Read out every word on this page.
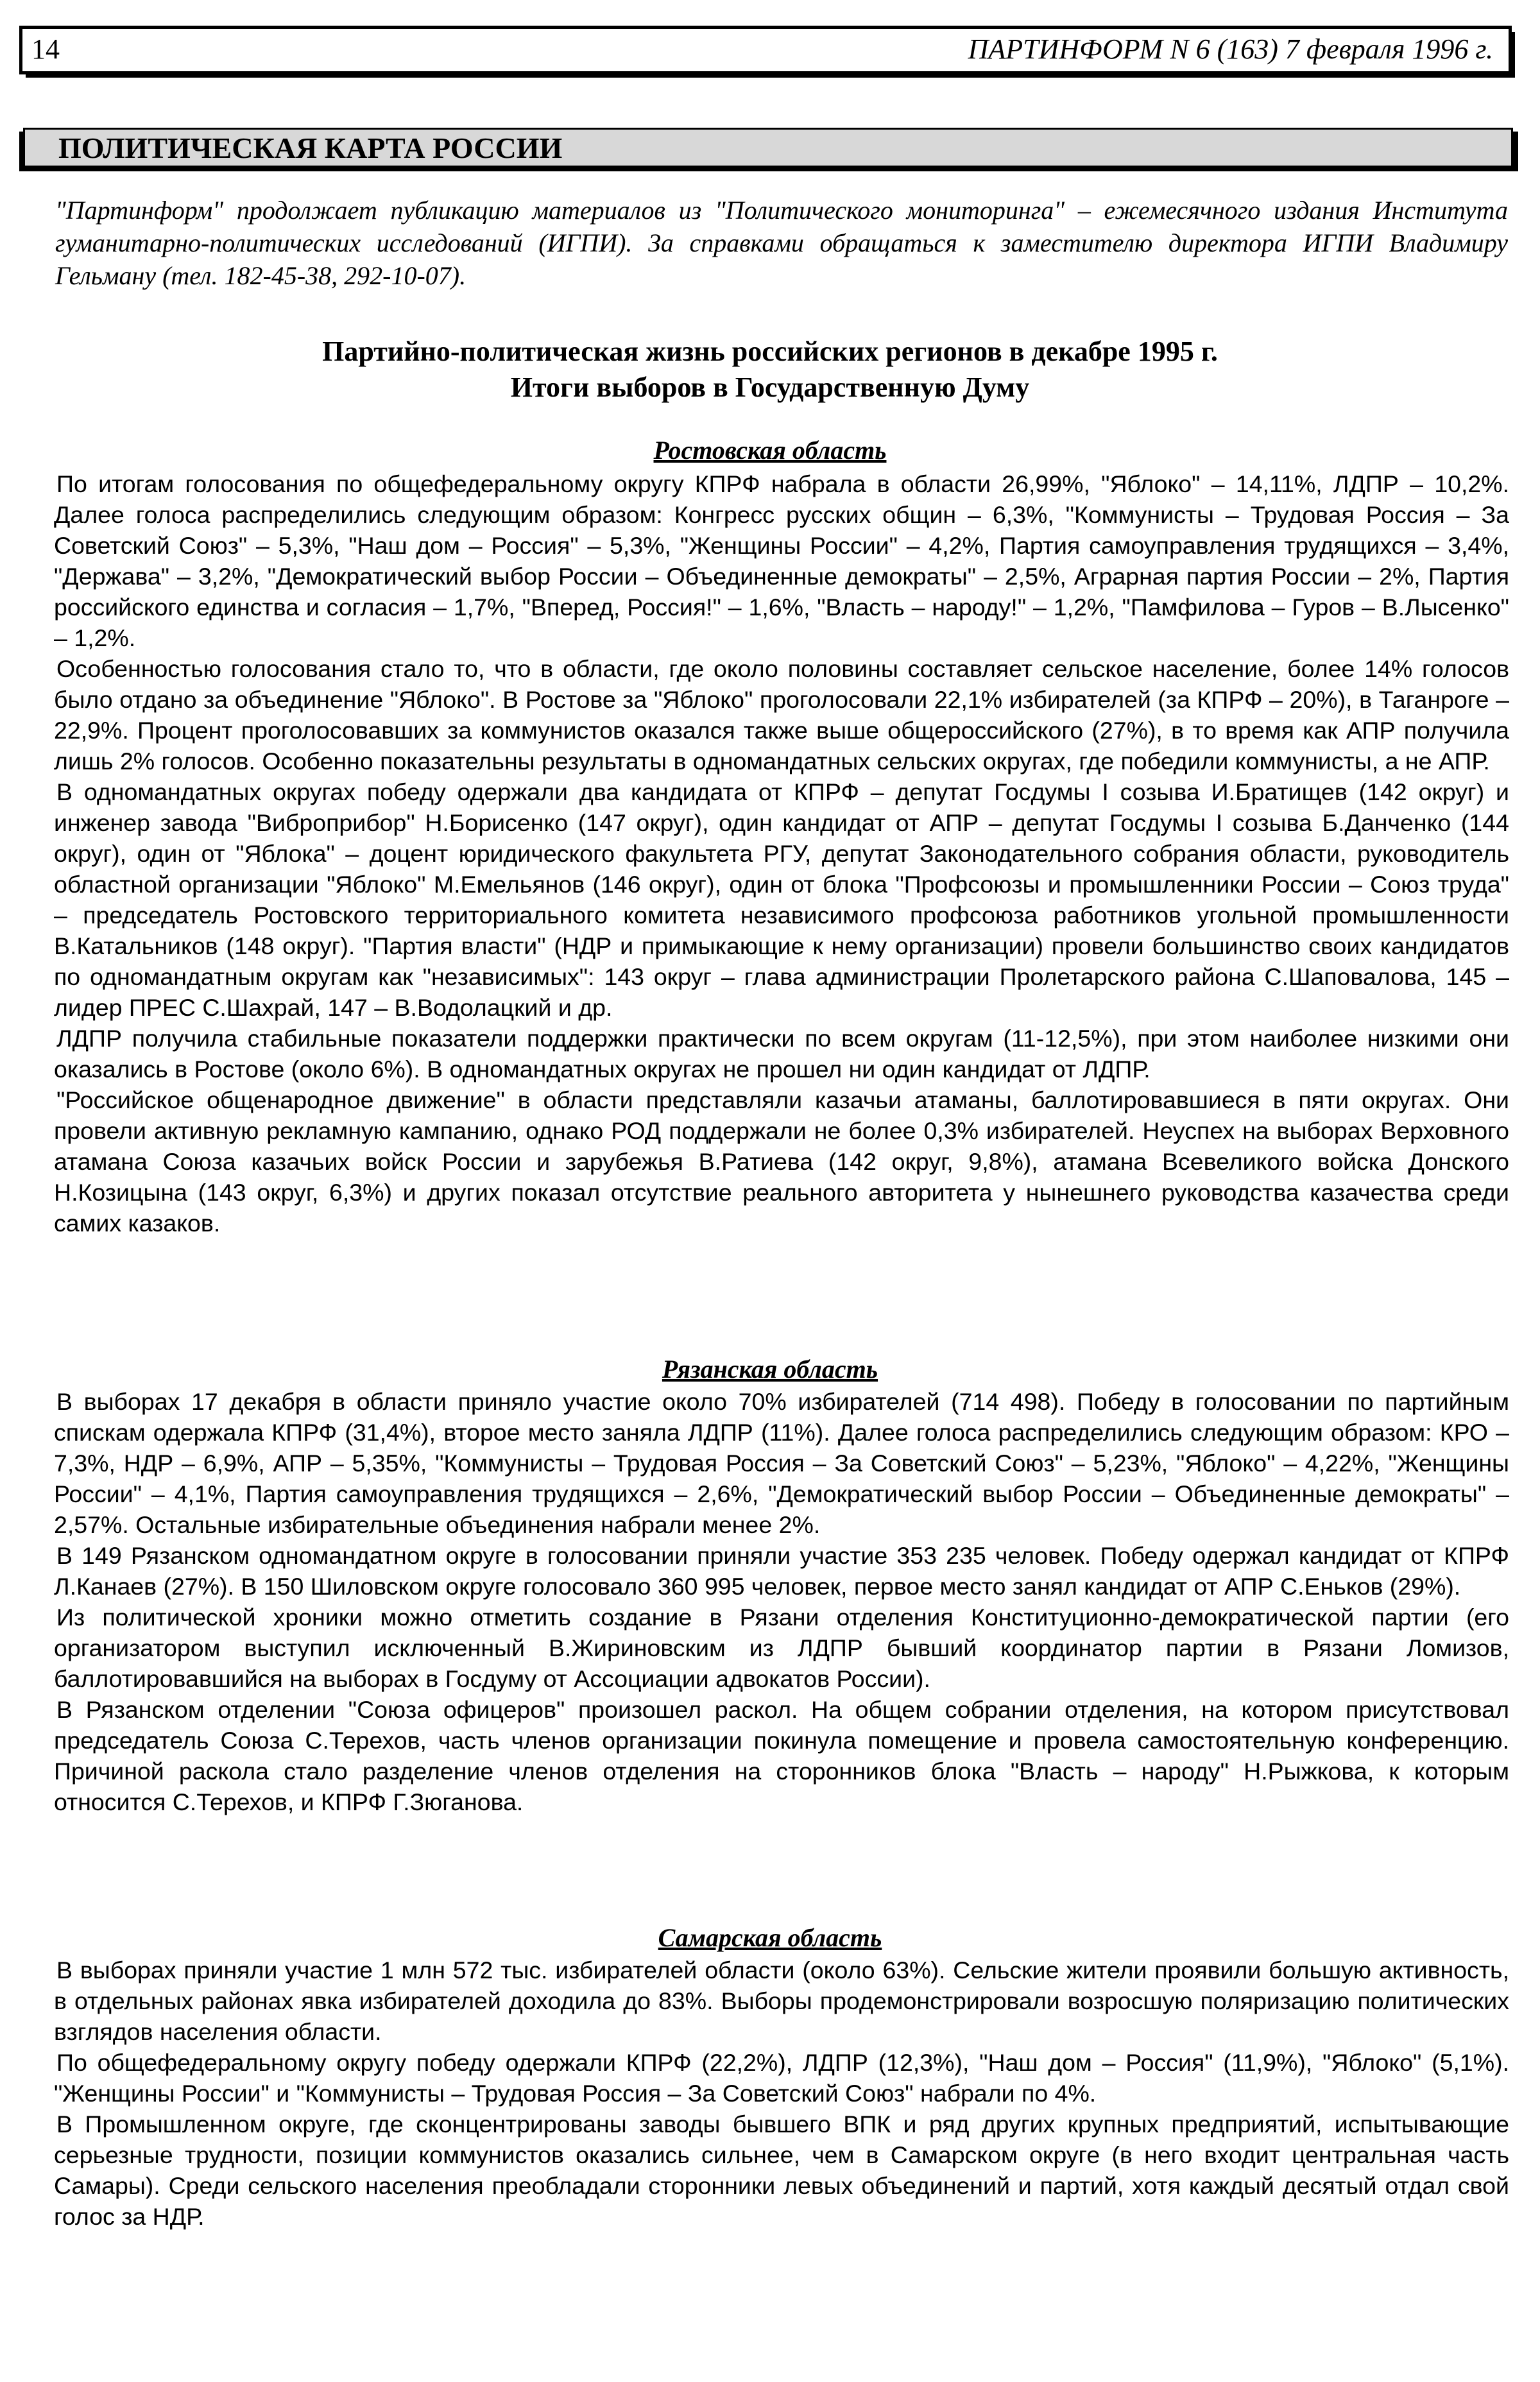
14	ПАРТИНФОРМ N 6 (163) 7 февраля 1996 г.
ПОЛИТИЧЕСКАЯ КАРТА РОССИИ
"Партинформ" продолжает публикацию материалов из "Политического мониторинга" – ежемесячного издания Института гуманитарно-политических исследований (ИГПИ). За справками обращаться к заместителю директора ИГПИ Владимиру Гельману (тел. 182-45-38, 292-10-07).
Партийно-политическая жизнь российских регионов в декабре 1995 г.
Итоги выборов в Государственную Думу
Ростовская область

По итогам голосования по общефедеральному округу КПРФ набрала в области 26,99%, "Яблоко" – 14,11%, ЛДПР – 10,2%. Далее голоса распределились следующим образом: Конгресс русских общин – 6,3%, "Коммунисты – Трудовая Россия – За Советский Союз" – 5,3%, "Наш дом – Россия" – 5,3%, "Женщины России" – 4,2%, Партия самоуправления трудящихся – 3,4%, "Держава" – 3,2%, "Демократический выбор России – Объединенные демократы" – 2,5%, Аграрная партия России – 2%, Партия российского единства и согласия – 1,7%, "Вперед, Россия!" – 1,6%, "Власть – народу!" – 1,2%, "Памфилова – Гуров – В.Лысенко" – 1,2%.

Особенностью голосования стало то, что в области, где около половины составляет сельское население, более 14% голосов было отдано за объединение "Яблоко". В Ростове за "Яблоко" проголосовали 22,1% избирателей (за КПРФ – 20%), в Таганроге – 22,9%. Процент проголосовавших за коммунистов оказался также выше общероссийского (27%), в то время как АПР получила лишь 2% голосов. Особенно показательны результаты в одномандатных сельских округах, где победили коммунисты, а не АПР.

В одномандатных округах победу одержали два кандидата от КПРФ – депутат Госдумы I созыва И.Братищев (142 округ) и инженер завода "Виброприбор" Н.Борисенко (147 округ), один кандидат от АПР – депутат Госдумы I созыва Б.Данченко (144 округ), один от "Яблока" – доцент юридического факультета РГУ, депутат Законодательного собрания области, руководитель областной организации "Яблоко" М.Емельянов (146 округ), один от блока "Профсоюзы и промышленники России – Союз труда" – председатель Ростовского территориального комитета независимого профсоюза работников угольной промышленности В.Катальников (148 округ). "Партия власти" (НДР и примыкающие к нему организации) провели большинство своих кандидатов по одномандатным округам как "независимых": 143 округ – глава администрации Пролетарского района С.Шаповалова, 145 – лидер ПРЕС С.Шахрай, 147 – В.Водолацкий и др.

ЛДПР получила стабильные показатели поддержки практически по всем округам (11-12,5%), при этом наиболее низкими они оказались в Ростове (около 6%). В одномандатных округах не прошел ни один кандидат от ЛДПР.

"Российское общенародное движение" в области представляли казачьи атаманы, баллотировавшиеся в пяти округах. Они провели активную рекламную кампанию, однако РОД поддержали не более 0,3% избирателей. Неуспех на выборах Верховного атамана Союза казачьих войск России и зарубежья В.Ратиева (142 округ, 9,8%), атамана Всевеликого войска Донского Н.Козицына (143 округ, 6,3%) и других показал отсутствие реального авторитета у нынешнего руководства казачества среди самих казаков.

Рязанская область

В выборах 17 декабря в области приняло участие около 70% избирателей (714 498). Победу в голосовании по партийным спискам одержала КПРФ (31,4%), второе место заняла ЛДПР (11%). Далее голоса распределились следующим образом: КРО – 7,3%, НДР – 6,9%, АПР – 5,35%, "Коммунисты – Трудовая Россия – За Советский Союз" – 5,23%, "Яблоко" – 4,22%, "Женщины России" – 4,1%, Партия самоуправления трудящихся – 2,6%, "Демократический выбор России – Объединенные демократы" – 2,57%. Остальные избирательные объединения набрали менее 2%.

В 149 Рязанском одномандатном округе в голосовании приняли участие 353 235 человек. Победу одержал кандидат от КПРФ Л.Канаев (27%). В 150 Шиловском округе голосовало 360 995 человек, первое место занял кандидат от АПР С.Еньков (29%).

Из политической хроники можно отметить создание в Рязани отделения Конституционно-демократической партии (его организатором выступил исключенный В.Жириновским из ЛДПР бывший координатор партии в Рязани Ломизов, баллотировавшийся на выборах в Госдуму от Ассоциации адвокатов России).

В Рязанском отделении "Союза офицеров" произошел раскол. На общем собрании отделения, на котором присутствовал председатель Союза С.Терехов, часть членов организации покинула помещение и провела самостоятельную конференцию. Причиной раскола стало разделение членов отделения на сторонников блока "Власть – народу" Н.Рыжкова, к которым относится С.Терехов, и КПРФ Г.Зюганова.

Самарская область

В выборах приняли участие 1 млн 572 тыс. избирателей области (около 63%). Сельские жители проявили большую активность, в отдельных районах явка избирателей доходила до 83%. Выборы продемонстрировали возросшую поляризацию политических взглядов населения области.

По общефедеральному округу победу одержали КПРФ (22,2%), ЛДПР (12,3%), "Наш дом – Россия" (11,9%), "Яблоко" (5,1%). "Женщины России" и "Коммунисты – Трудовая Россия – За Советский Союз" набрали по 4%.

В Промышленном округе, где сконцентрированы заводы бывшего ВПК и ряд других крупных предприятий, испытывающие серьезные трудности, позиции коммунистов оказались сильнее, чем в Самарском округе (в него входит центральная часть Самары). Среди сельского населения преобладали сторонники левых объединений и партий, хотя каждый десятый отдал свой голос за НДР.
